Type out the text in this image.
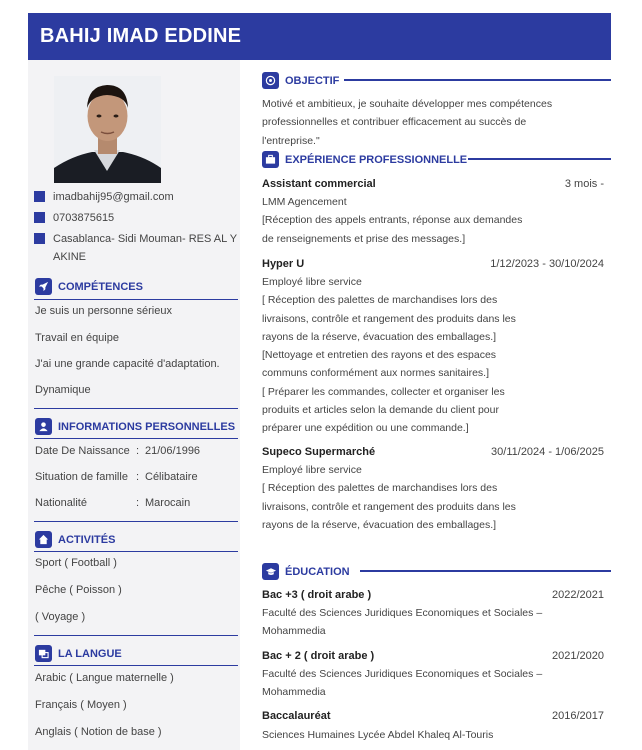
BAHIJ IMAD EDDINE
imadbahij95@gmail.com
0703875615
Casablanca- Sidi Mouman- RES AL Y AKINE
COMPÉTENCES
Je suis un personne sérieux
Travail en équipe
J'ai une grande capacité d'adaptation.
Dynamique
INFORMATIONS PERSONNELLES
Date De Naissance : 21/06/1996
Situation de famille : Célibataire
Nationalité	: Marocain
ACTIVITÉS
Sport ( Football )
Pêche ( Poisson )
( Voyage )
LA LANGUE
Arabic ( Langue maternelle )
Français ( Moyen )
Anglais ( Notion de base )
OBJECTIF
Motivé et ambitieux, je souhaite développer mes compétences
professionnelles et contribuer efficacement au succès de
l'entreprise."
EXPÉRIENCE PROFESSIONNELLE
Assistant commercial	3 mois -
LMM Agencement
[Réception des appels entrants, réponse aux demandes
de renseignements et prise des messages.]
Hyper U	1/12/2023 - 30/10/2024
Employé libre service
[ Réception des palettes de marchandises lors des
livraisons, contrôle et rangement des produits dans les
rayons de la réserve, évacuation des emballages.]
[Nettoyage et entretien des rayons et des espaces
communs conformément aux normes sanitaires.]
[ Préparer les commandes, collecter et organiser les
produits et articles selon la demande du client pour
préparer une expédition ou une commande.]
Supeco Supermarché	30/11/2024 - 1/06/2025
Employé libre service
[ Réception des palettes de marchandises lors des
livraisons, contrôle et rangement des produits dans les
rayons de la réserve, évacuation des emballages.]
ÉDUCATION
Bac +3 ( droit arabe )	2022/2021
Faculté des Sciences Juridiques Economiques et Sociales –
Mohammedia
Bac + 2 ( droit arabe )	2021/2020
Faculté des Sciences Juridiques Economiques et Sociales –
Mohammedia
Baccalauréat	2016/2017
Sciences Humaines Lycée Abdel Khaleq Al-Touris
